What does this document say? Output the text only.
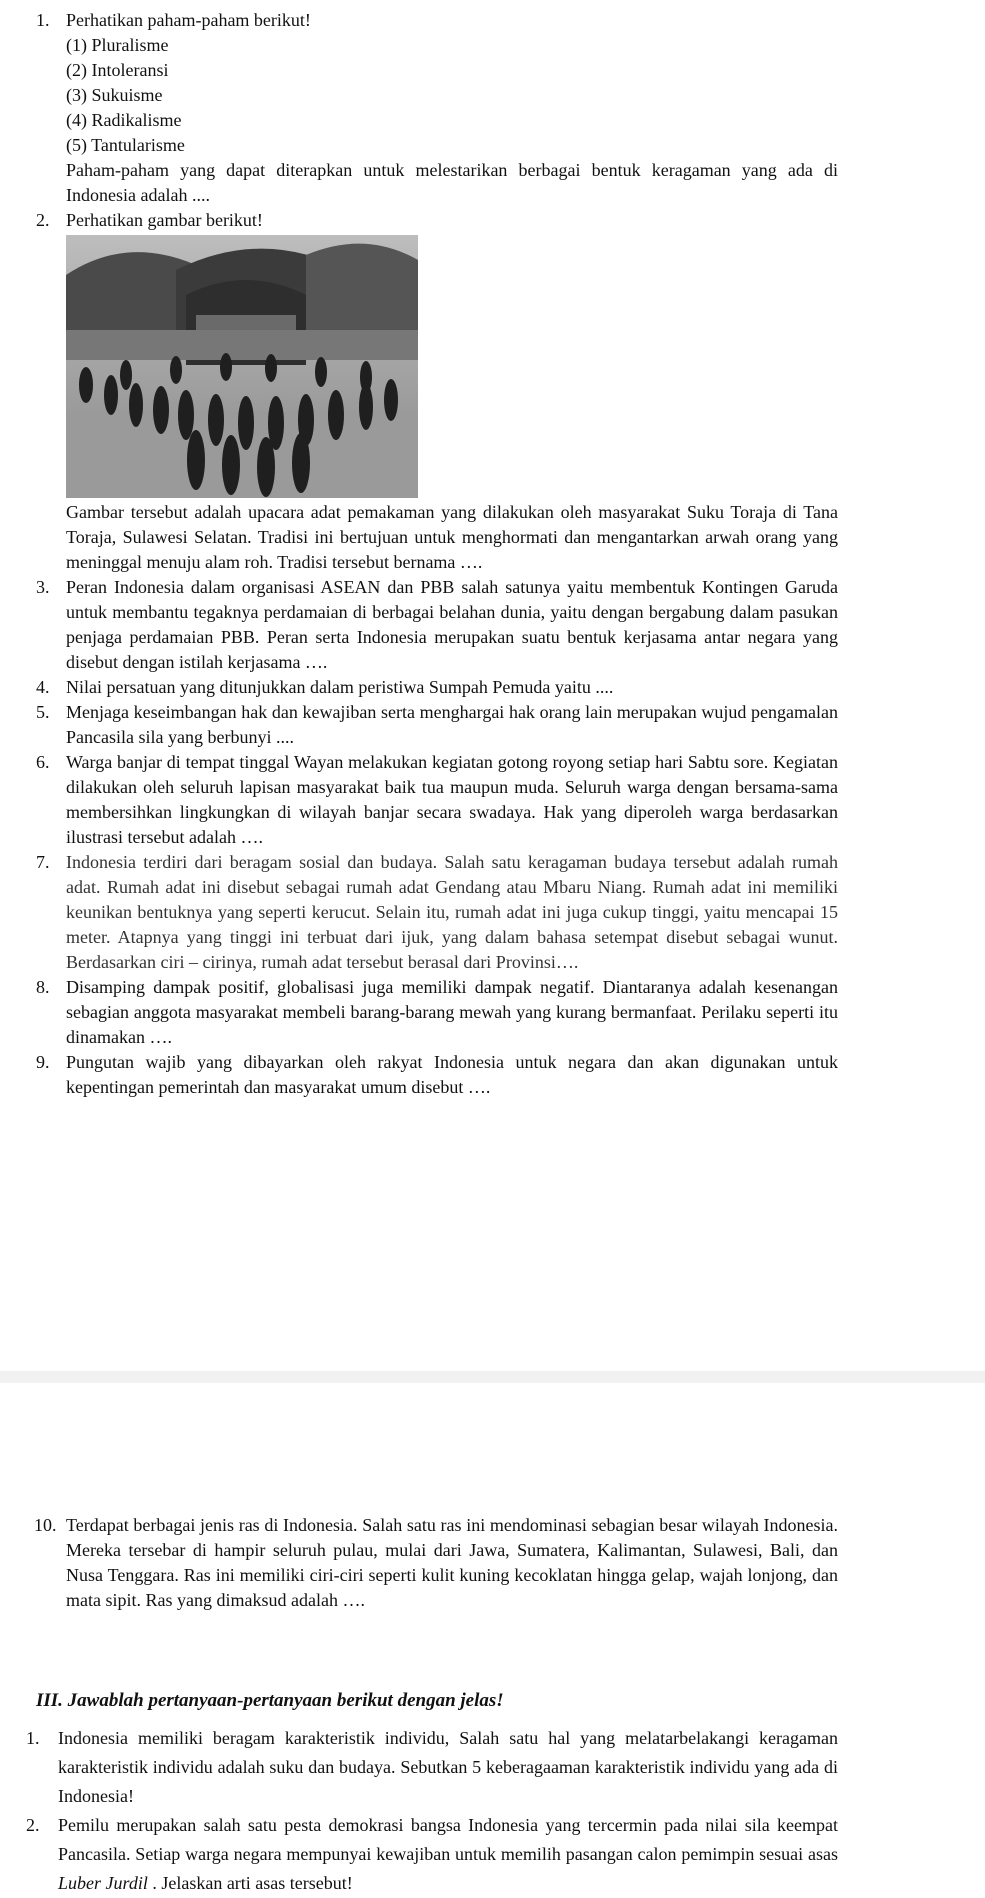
1. Perhatikan paham-paham berikut!

(1) Pluralisme

(2) Intoleransi

(3) Sukuisme

(4) Radikalisme

(5) Tantularisme

Paham-paham yang dapat diterapkan untuk melestarikan berbagai bentuk keragaman yang ada di Indonesia adalah ....

2. Perhatikan gambar berikut!

Gambar tersebut adalah upacara adat pemakaman yang dilakukan oleh masyarakat Suku Toraja di Tana Toraja, Sulawesi Selatan. Tradisi ini bertujuan untuk menghormati dan mengantarkan arwah orang yang meninggal menuju alam roh. Tradisi tersebut bernama ….

3. Peran Indonesia dalam organisasi ASEAN dan PBB salah satunya yaitu membentuk Kontingen Garuda untuk membantu tegaknya perdamaian di berbagai belahan dunia, yaitu dengan bergabung dalam pasukan penjaga perdamaian PBB. Peran serta Indonesia merupakan suatu bentuk kerjasama antar negara yang disebut dengan istilah kerjasama ….

4. Nilai persatuan yang ditunjukkan dalam peristiwa Sumpah Pemuda yaitu ....

5. Menjaga keseimbangan hak dan kewajiban serta menghargai hak orang lain merupakan wujud pengamalan Pancasila sila yang berbunyi ....

6. Warga banjar di tempat tinggal Wayan melakukan kegiatan gotong royong setiap hari Sabtu sore. Kegiatan dilakukan oleh seluruh lapisan masyarakat baik tua maupun muda. Seluruh warga dengan bersama-sama membersihkan lingkungkan di wilayah banjar secara swadaya. Hak yang diperoleh warga berdasarkan ilustrasi tersebut adalah ….

7. Indonesia terdiri dari beragam sosial dan budaya. Salah satu keragaman budaya tersebut adalah rumah adat. Rumah adat ini disebut sebagai rumah adat Gendang atau Mbaru Niang. Rumah adat ini memiliki keunikan bentuknya yang seperti kerucut. Selain itu, rumah adat ini juga cukup tinggi, yaitu mencapai 15 meter. Atapnya yang tinggi ini terbuat dari ijuk, yang dalam bahasa setempat disebut sebagai wunut. Berdasarkan ciri – cirinya, rumah adat tersebut berasal dari Provinsi….

8. Disamping dampak positif, globalisasi juga memiliki dampak negatif. Diantaranya adalah kesenangan sebagian anggota masyarakat membeli barang-barang mewah yang kurang bermanfaat. Perilaku seperti itu dinamakan ….

9. Pungutan wajib yang dibayarkan oleh rakyat Indonesia untuk negara dan akan digunakan untuk kepentingan pemerintah dan masyarakat umum disebut ….

10. Terdapat berbagai jenis ras di Indonesia. Salah satu ras ini mendominasi sebagian besar wilayah Indonesia. Mereka tersebar di hampir seluruh pulau, mulai dari Jawa, Sumatera, Kalimantan, Sulawesi, Bali, dan Nusa Tenggara. Ras ini memiliki ciri-ciri seperti kulit kuning kecoklatan hingga gelap, wajah lonjong, dan mata sipit. Ras yang dimaksud adalah ….

III. Jawablah pertanyaan-pertanyaan berikut dengan jelas!
1. Indonesia memiliki beragam karakteristik individu, Salah satu hal yang melatarbelakangi keragaman karakteristik individu adalah suku dan budaya. Sebutkan 5 keberagaaman karakteristik individu yang ada di Indonesia!

2. Pemilu merupakan salah satu pesta demokrasi bangsa Indonesia yang tercermin pada nilai sila keempat Pancasila. Setiap warga negara mempunyai kewajiban untuk memilih pasangan calon pemimpin sesuai asas Luber Jurdil . Jelaskan arti asas tersebut!
